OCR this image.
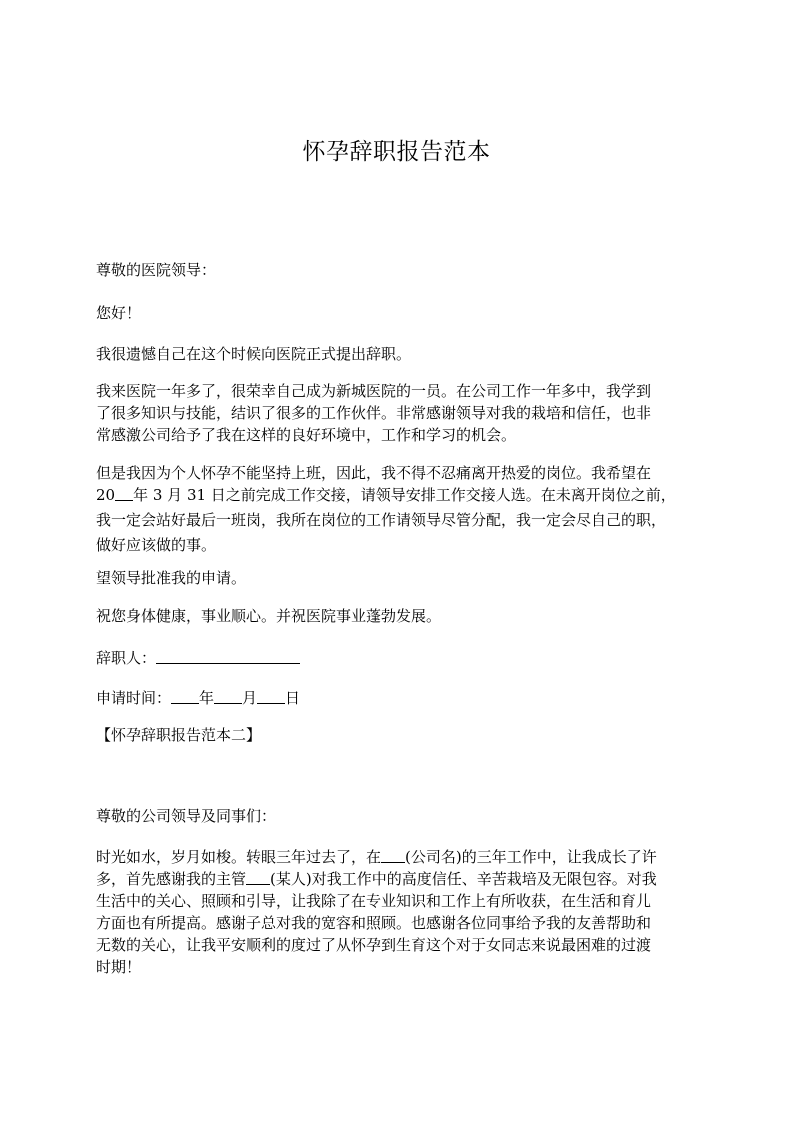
怀孕辞职报告范本

尊敬的医院领导：

您好！

我很遗憾自己在这个时候向医院正式提出辞职。

我来医院一年多了，很荣幸自己成为新城医院的一员。在公司工作一年多中，我学到
了很多知识与技能，结识了很多的工作伙伴。非常感谢领导对我的栽培和信任，也非
常感激公司给予了我在这样的良好环境中，工作和学习的机会。
但是我因为个人怀孕不能坚持上班，因此，我不得不忍痛离开热爱的岗位。我希望在
20 年 3 月 31 日之前完成工作交接，请领导安排工作交接人选。在未离开岗位之前，
我一定会站好最后一班岗，我所在岗位的工作请领导尽管分配，我一定会尽自己的职，
做好应该做的事。

望领导批准我的申请。

祝您身体健康，事业顺心。并祝医院事业蓬勃发展。

辞职人：
申请时间： 年 月 日

【怀孕辞职报告范本二】

尊敬的公司领导及同事们：

时光如水，岁月如梭。转眼三年过去了，在 (公司名)的三年工作中，让我成长了许
多，首先感谢我的主管 (某人)对我工作中的高度信任、辛苦栽培及无限包容。对我
生活中的关心、照顾和引导，让我除了在专业知识和工作上有所收获，在生活和育儿
方面也有所提高。感谢子总对我的宽容和照顾。也感谢各位同事给予我的友善帮助和
无数的关心，让我平安顺利的度过了从怀孕到生育这个对于女同志来说最困难的过渡
时期！
